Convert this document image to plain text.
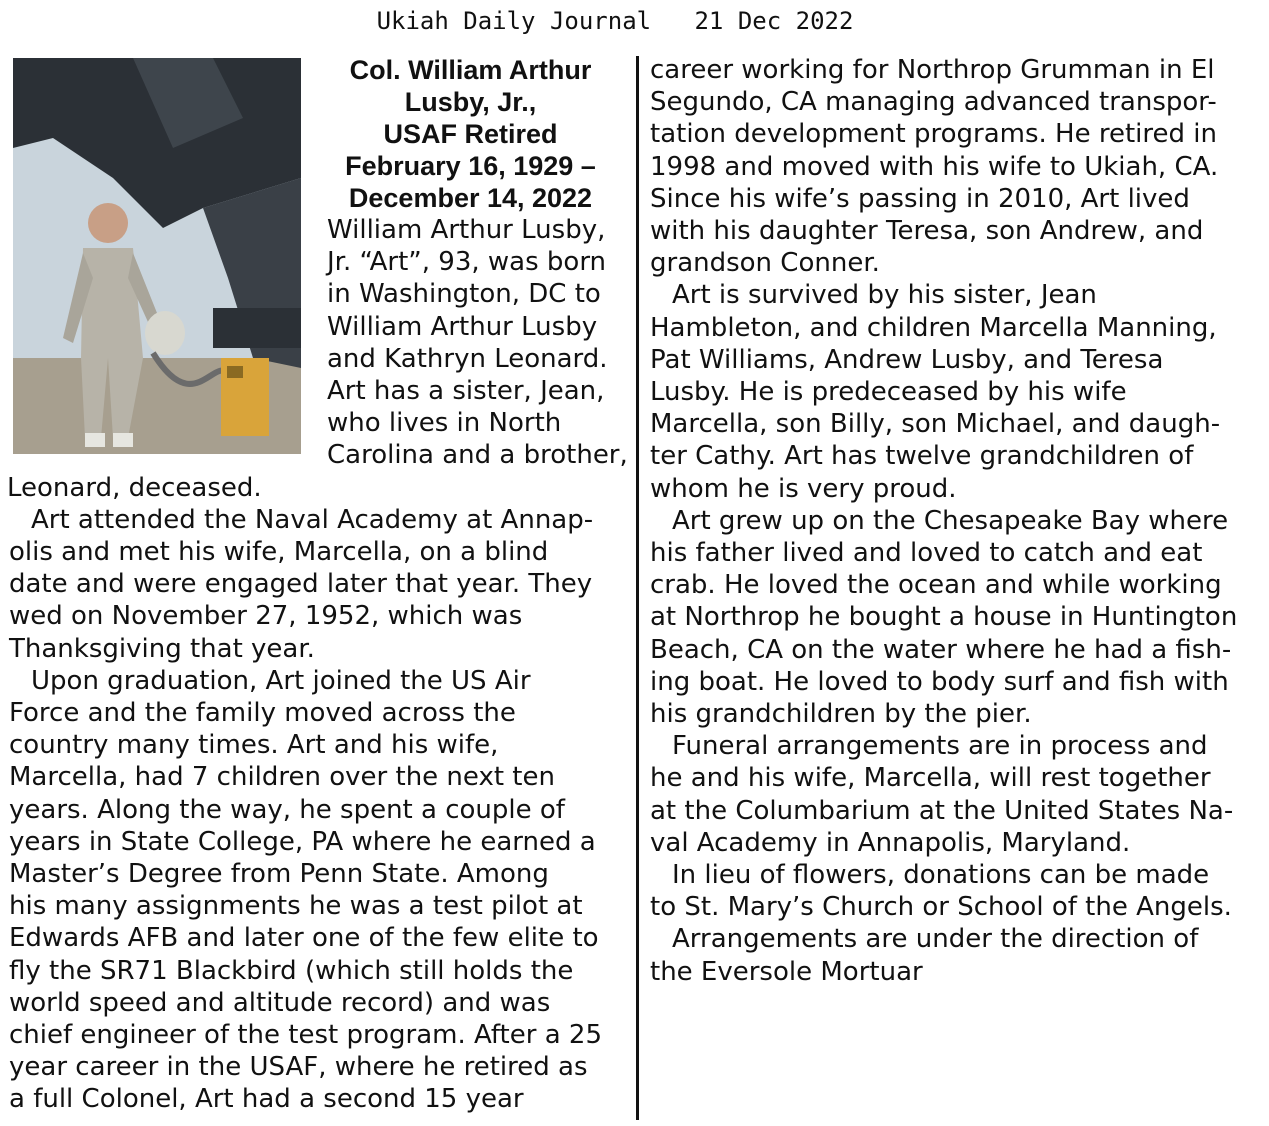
Ukiah Daily Journal 21 Dec 2022
Col. William Arthur
Lusby, Jr.,
USAF Retired
February 16, 1929 –
December 14, 2022

William Arthur Lusby,
Jr. “Art”, 93, was born
in Washington, DC to
William Arthur Lusby
and Kathryn Leonard.
Art has a sister, Jean,
who lives in North
Carolina and a brother,
Leonard, deceased.

Art attended the Naval Academy at Annap-
olis and met his wife, Marcella, on a blind
date and were engaged later that year. They
wed on November 27, 1952, which was
Thanksgiving that year.

Upon graduation, Art joined the US Air
Force and the family moved across the
country many times. Art and his wife,
Marcella, had 7 children over the next ten
years. Along the way, he spent a couple of
years in State College, PA where he earned a
Master’s Degree from Penn State. Among
his many assignments he was a test pilot at
Edwards AFB and later one of the few elite to
fly the SR71 Blackbird (which still holds the
world speed and altitude record) and was
chief engineer of the test program. After a 25
year career in the USAF, where he retired as
a full Colonel, Art had a second 15 year

career working for Northrop Grumman in El
Segundo, CA managing advanced transpor-
tation development programs. He retired in
1998 and moved with his wife to Ukiah, CA.
Since his wife’s passing in 2010, Art lived
with his daughter Teresa, son Andrew, and
grandson Conner.

Art is survived by his sister, Jean
Hambleton, and children Marcella Manning,
Pat Williams, Andrew Lusby, and Teresa
Lusby. He is predeceased by his wife
Marcella, son Billy, son Michael, and daugh-
ter Cathy. Art has twelve grandchildren of
whom he is very proud.

Art grew up on the Chesapeake Bay where
his father lived and loved to catch and eat
crab. He loved the ocean and while working
at Northrop he bought a house in Huntington
Beach, CA on the water where he had a fish-
ing boat. He loved to body surf and fish with
his grandchildren by the pier.

Funeral arrangements are in process and
he and his wife, Marcella, will rest together
at the Columbarium at the United States Na-
val Academy in Annapolis, Maryland.

In lieu of flowers, donations can be made
to St. Mary’s Church or School of the Angels.

Arrangements are under the direction of
the Eversole Mortuar
